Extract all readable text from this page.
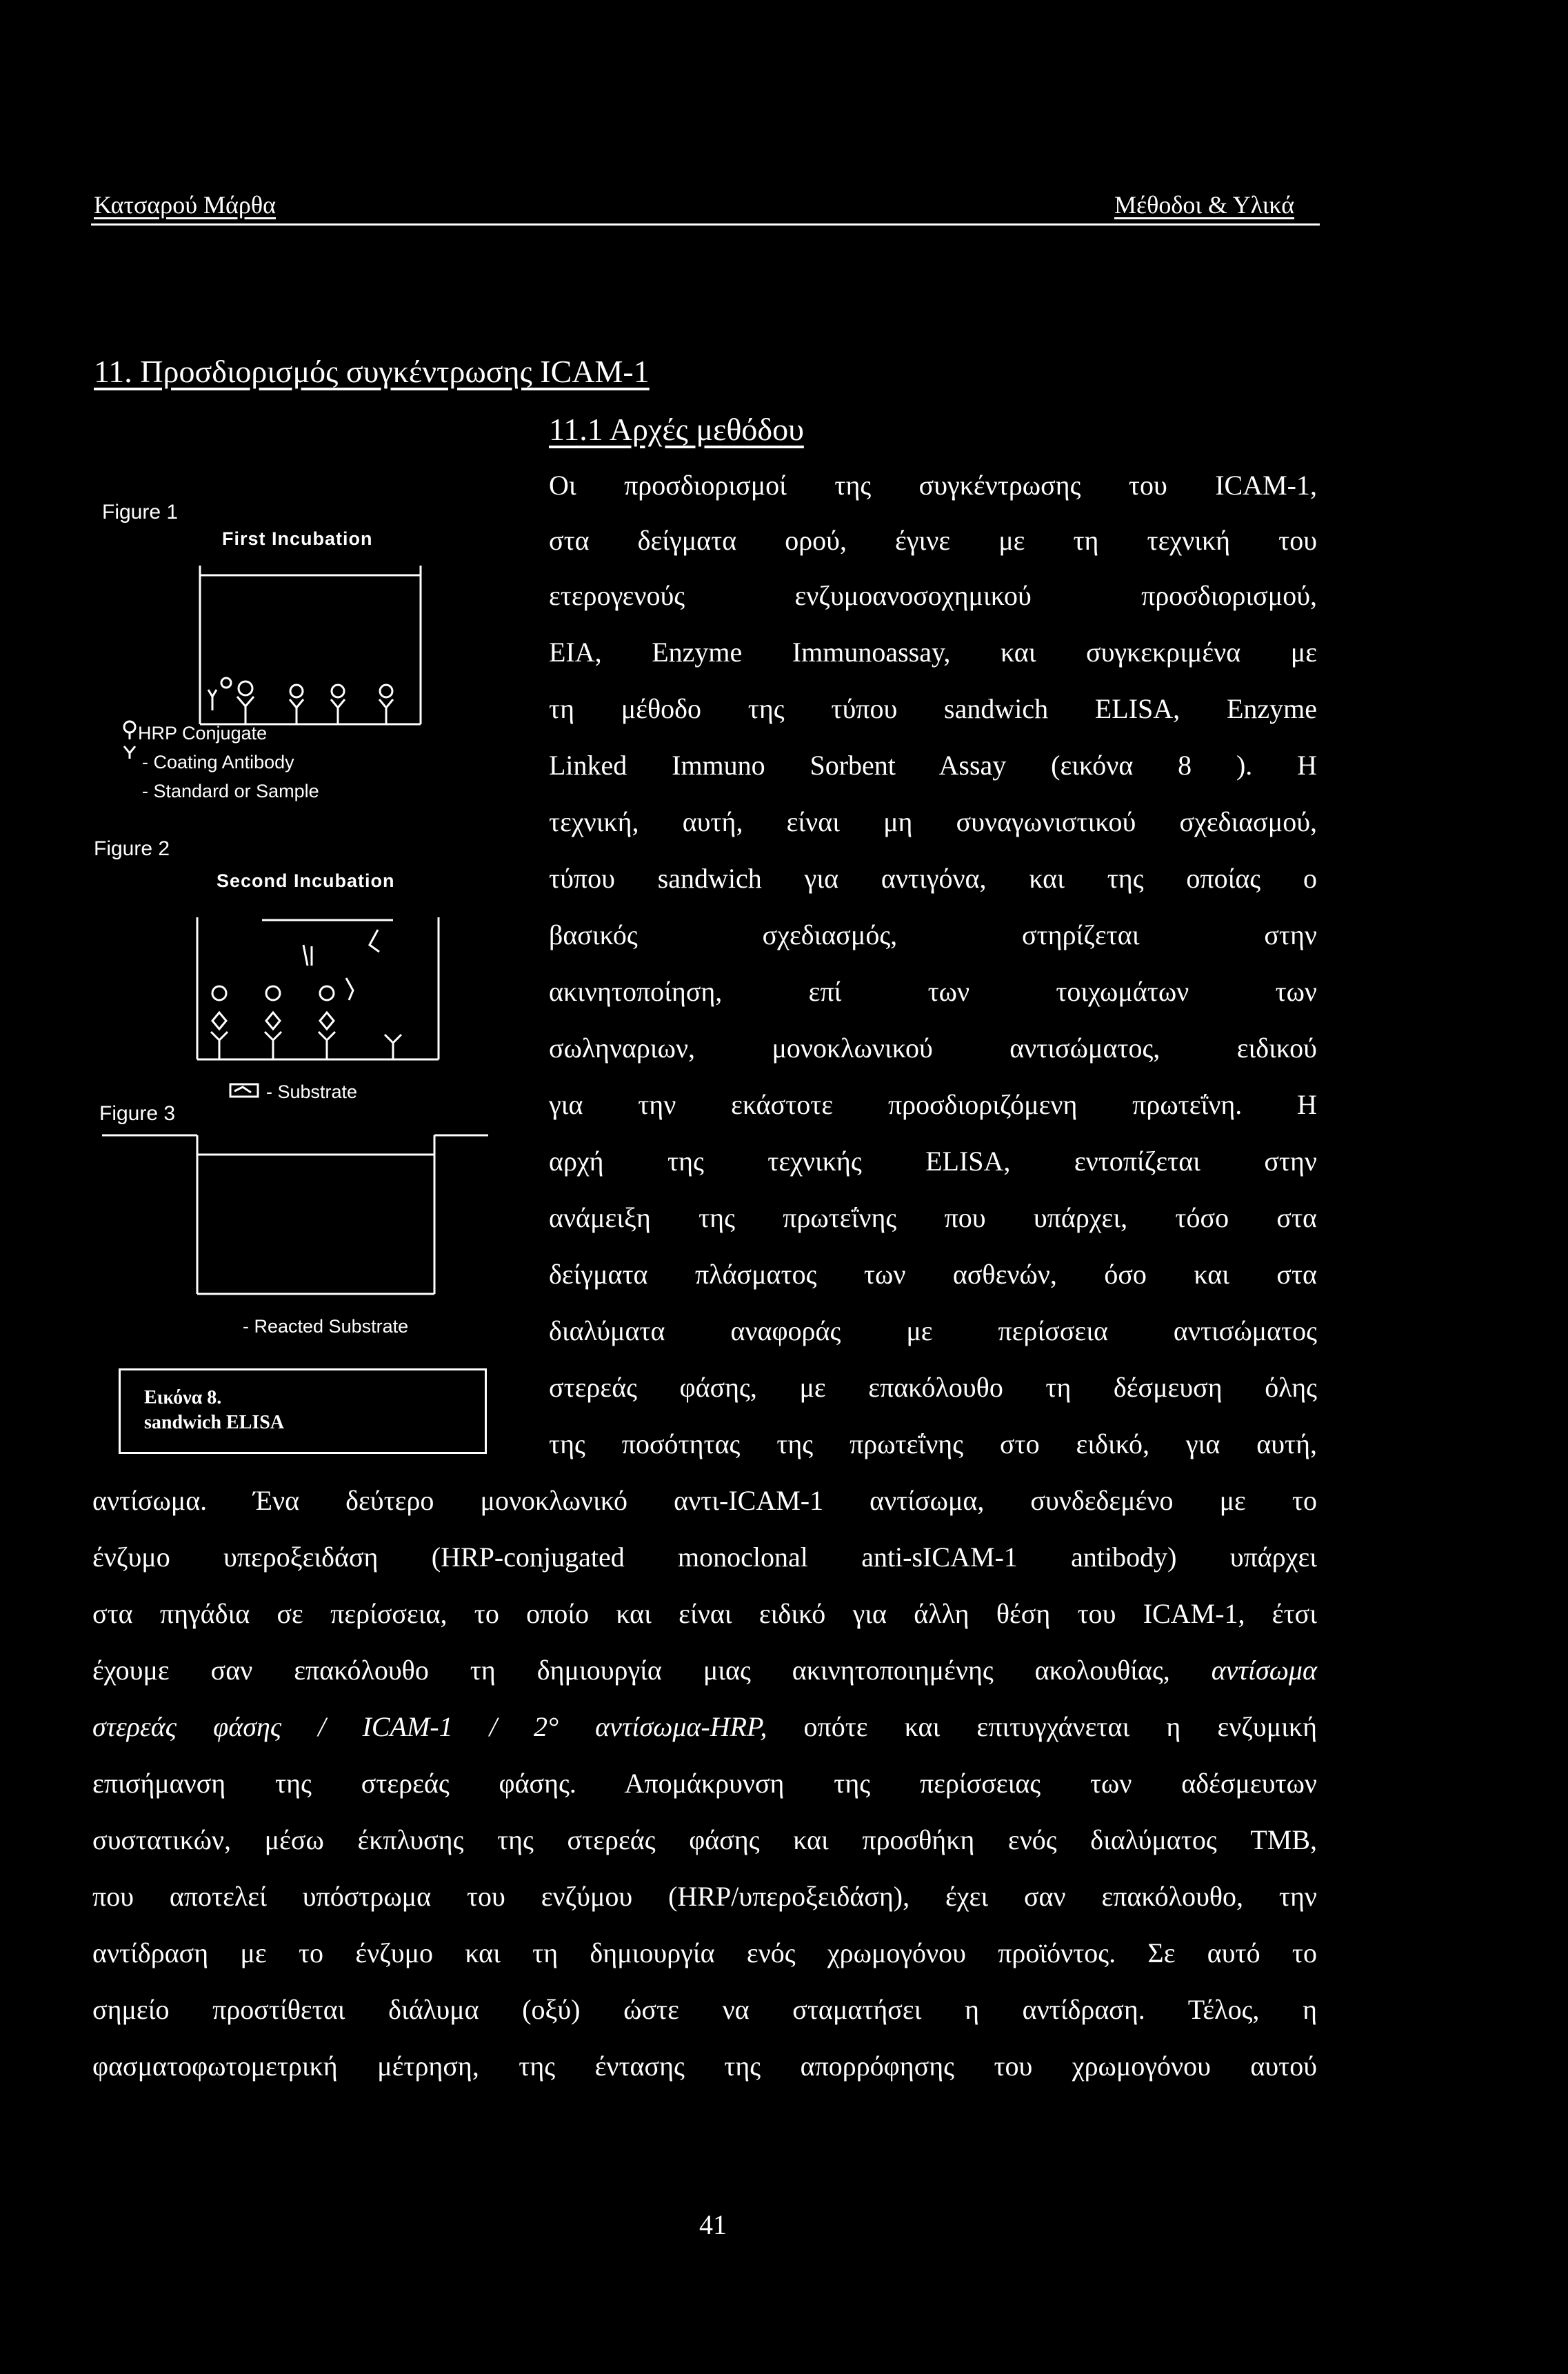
Κατσαρού Μάρθα	Μέθοδοι & Υλικά
11. Προσδιορισμός συγκέντρωσης ICAM-1
11.1 Αρχές μεθόδου
Οι προσδιορισμοί της συγκέντρωσης του ICAM-1,
στα δείγματα ορού, έγινε με τη τεχνική του
ετερογενούς ενζυμοανοσοχημικού προσδιορισμού,
EIA, Enzyme Immunoassay, και συγκεκριμένα με
τη μέθοδο της τύπου sandwich ELISA, Enzyme
Linked Immuno Sorbent Assay (εικόνα 8 ). Η
τεχνική, αυτή, είναι μη συναγωνιστικού σχεδιασμού,
τύπου sandwich για αντιγόνα, και της οποίας ο
βασικός σχεδιασμός, στηρίζεται στην
ακινητοποίηση, επί των τοιχωμάτων των
σωληναριων, μονοκλωνικού αντισώματος, ειδικού
για την εκάστοτε προσδιοριζόμενη πρωτεΐνη. Η
αρχή της τεχνικής ELISA, εντοπίζεται στην
ανάμειξη της πρωτεΐνης που υπάρχει, τόσο στα
δείγματα πλάσματος των ασθενών, όσο και στα
διαλύματα αναφοράς με περίσσεια αντισώματος
στερεάς φάσης, με επακόλουθο τη δέσμευση όλης
της ποσότητας της πρωτεΐνης στο ειδικό, για αυτή,
αντίσωμα. Ένα δεύτερο μονοκλωνικό αντι-ICAM-1 αντίσωμα, συνδεδεμένο με το
ένζυμο υπεροξειδάση (HRP-conjugated monoclonal anti-sICAM-1 antibody) υπάρχει
στα πηγάδια σε περίσσεια, το οποίο και είναι ειδικό για άλλη θέση του ICAM-1, έτσι
έχουμε σαν επακόλουθο τη δημιουργία μιας ακινητοποιημένης ακολουθίας, αντίσωμα
στερεάς φάσης / ICAM-1 / 2° αντίσωμα-HRP, οπότε και επιτυγχάνεται η ενζυμική
επισήμανση της στερεάς φάσης. Απομάκρυνση της περίσσειας των αδέσμευτων
συστατικών, μέσω έκπλυσης της στερεάς φάσης και προσθήκη ενός διαλύματος TMB,
που αποτελεί υπόστρωμα του ενζύμου (HRP/υπεροξειδάση), έχει σαν επακόλουθο, την
αντίδραση με το ένζυμο και τη δημιουργία ενός χρωμογόνου προϊόντος. Σε αυτό το
σημείο προστίθεται διάλυμα (οξύ) ώστε να σταματήσει η αντίδραση. Τέλος, η
φασματοφωτομετρική μέτρηση, της έντασης της απορρόφησης του χρωμογόνου αυτού
Figure 1
First Incubation
HRP Conjugate
- Coating Antibody
- Standard or Sample
Figure 2
Second Incubation
- Substrate
Figure 3
- Reacted Substrate
Εικόνα 8.
sandwich ELISA
41
